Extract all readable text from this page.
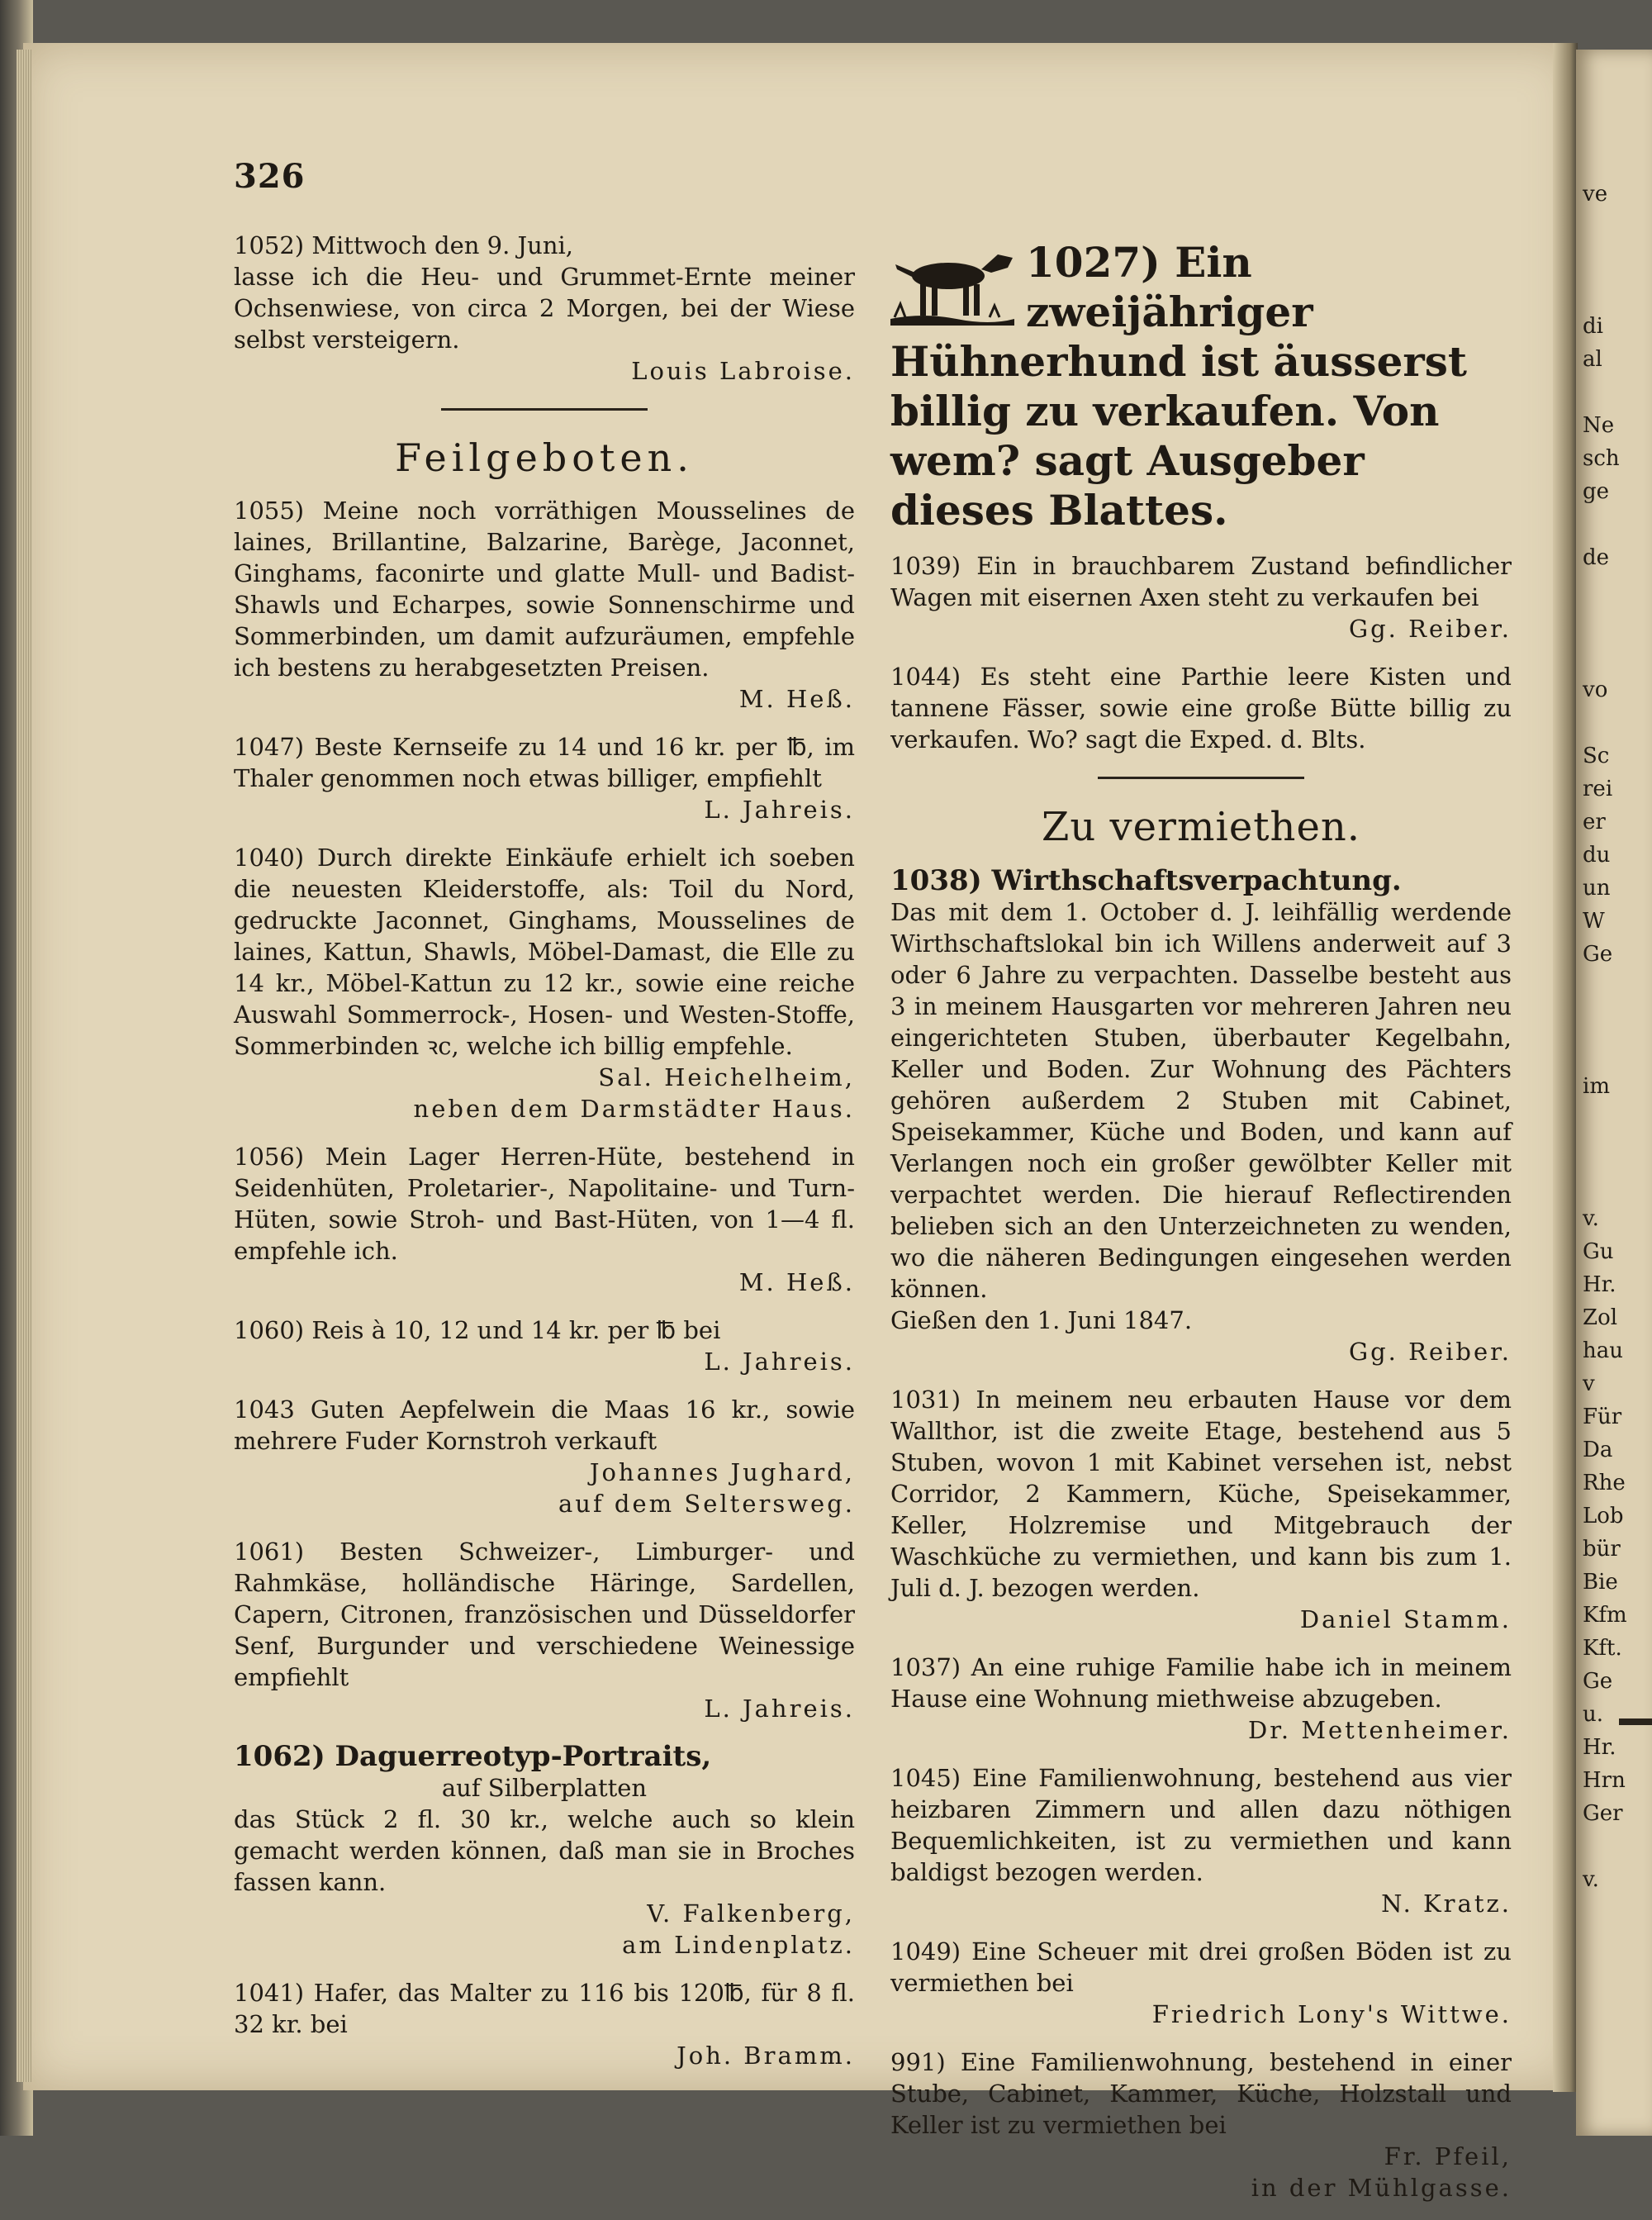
ve
di
al
Ne
sch
ge
de
vo
Sc
rei
er
du
un
W
Ge
im
v.
Gu
Hr.
Zol
hau
v
Für
Da
Rhe
Lob
bür
Bie
Kfm
Kft.
Ge
u.
Hr.
Hrn
Ger
v.
326
1052) Mittwoch den 9. Juni,
lasse ich die Heu- und Grummet-Ernte meiner Ochsenwiese, von circa 2 Morgen, bei der Wiese selbst versteigern.
Louis Labroise.
Feilgeboten.
1055) Meine noch vorräthigen Mousselines de laines, Brillantine, Balzarine, Barège, Jaconnet, Ginghams, faconirte und glatte Mull- und Badist-Shawls und Echarpes, sowie Sonnenschirme und Sommerbinden, um damit aufzuräumen, empfehle ich bestens zu herabgesetzten Preisen.
M. Heß.
1047) Beste Kernseife zu 14 und 16 kr. per ℔, im Thaler genommen noch etwas billiger, empfiehlt
L. Jahreis.
1040) Durch direkte Einkäufe erhielt ich soeben die neuesten Kleiderstoffe, als: Toil du Nord, gedruckte Jaconnet, Ginghams, Mousselines de laines, Kattun, Shawls, Möbel-Damast, die Elle zu 14 kr., Möbel-Kattun zu 12 kr., sowie eine reiche Auswahl Sommerrock-, Hosen- und Westen-Stoffe, Sommerbinden ꝛc, welche ich billig empfehle.
Sal. Heichelheim,
neben dem Darmstädter Haus.
1056) Mein Lager Herren-Hüte, bestehend in Seidenhüten, Proletarier-, Napolitaine- und Turn-Hüten, sowie Stroh- und Bast-Hüten, von 1—4 fl. empfehle ich.
M. Heß.
1060) Reis à 10, 12 und 14 kr. per ℔ bei
L. Jahreis.
1043 Guten Aepfelwein die Maas 16 kr., sowie mehrere Fuder Kornstroh verkauft
Johannes Jughard,
auf dem Seltersweg.
1061) Besten Schweizer-, Limburger- und Rahmkäse, holländische Häringe, Sardellen, Capern, Citronen, französischen und Düsseldorfer Senf, Burgunder und verschiedene Weinessige empfiehlt
L. Jahreis.
1062) Daguerreotyp-Portraits,
auf Silberplatten
das Stück 2 fl. 30 kr., welche auch so klein gemacht werden können, daß man sie in Broches fassen kann.
V. Falkenberg,
am Lindenplatz.
1041) Hafer, das Malter zu 116 bis 120℔, für 8 fl. 32 kr. bei
Joh. Bramm.
1027) Ein zweijähriger Hühnerhund ist äusserst billig zu verkaufen. Von wem? sagt Ausgeber dieses Blattes.
1039) Ein in brauchbarem Zustand befindlicher Wagen mit eisernen Axen steht zu verkaufen bei
Gg. Reiber.
1044) Es steht eine Parthie leere Kisten und tannene Fässer, sowie eine große Bütte billig zu verkaufen. Wo? sagt die Exped. d. Blts.
Zu vermiethen.
1038) Wirthschaftsverpachtung.
Das mit dem 1. October d. J. leihfällig werdende Wirthschaftslokal bin ich Willens anderweit auf 3 oder 6 Jahre zu verpachten. Dasselbe besteht aus 3 in meinem Hausgarten vor mehreren Jahren neu eingerichteten Stuben, überbauter Kegelbahn, Keller und Boden. Zur Wohnung des Pächters gehören außerdem 2 Stuben mit Cabinet, Speisekammer, Küche und Boden, und kann auf Verlangen noch ein großer gewölbter Keller mit verpachtet werden. Die hierauf Reflectirenden belieben sich an den Unterzeichneten zu wenden, wo die näheren Bedingungen eingesehen werden können.
Gießen den 1. Juni 1847.
Gg. Reiber.
1031) In meinem neu erbauten Hause vor dem Wallthor, ist die zweite Etage, bestehend aus 5 Stuben, wovon 1 mit Kabinet versehen ist, nebst Corridor, 2 Kammern, Küche, Speisekammer, Keller, Holzremise und Mitgebrauch der Waschküche zu vermiethen, und kann bis zum 1. Juli d. J. bezogen werden.
Daniel Stamm.
1037) An eine ruhige Familie habe ich in meinem Hause eine Wohnung miethweise abzugeben.
Dr. Mettenheimer.
1045) Eine Familienwohnung, bestehend aus vier heizbaren Zimmern und allen dazu nöthigen Bequemlichkeiten, ist zu vermiethen und kann baldigst bezogen werden.
N. Kratz.
1049) Eine Scheuer mit drei großen Böden ist zu vermiethen bei
Friedrich Lony's Wittwe.
991) Eine Familienwohnung, bestehend in einer Stube, Cabinet, Kammer, Küche, Holzstall und Keller ist zu vermiethen bei
Fr. Pfeil,
in der Mühlgasse.
